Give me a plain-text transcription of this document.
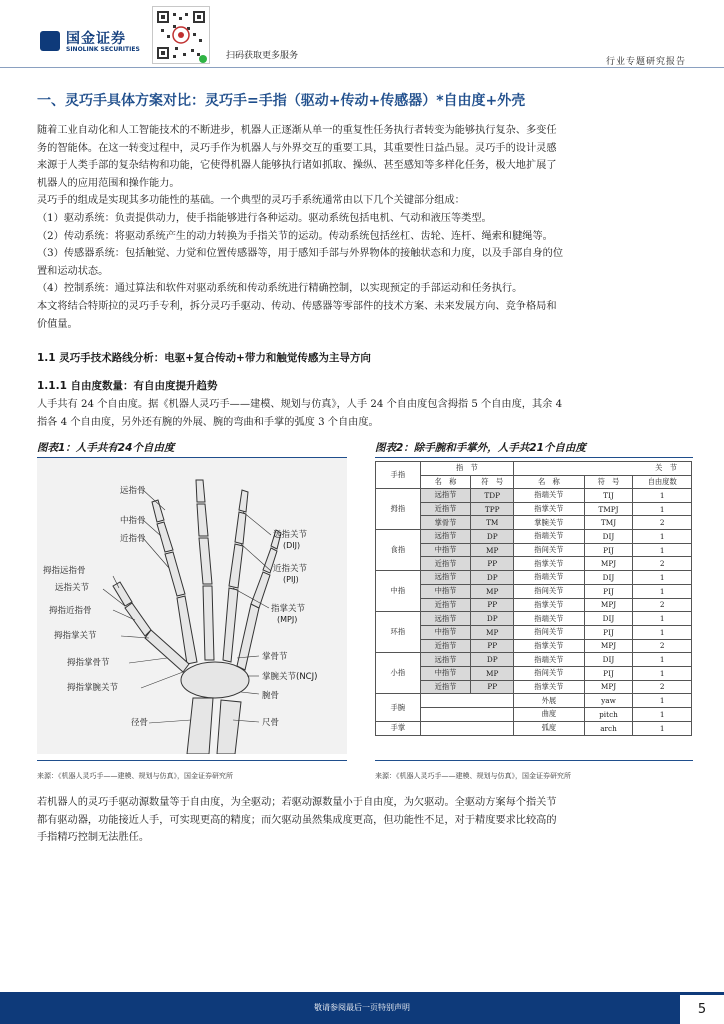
国金证券
SINOLINK SECURITIES
扫码获取更多服务
行业专题研究报告
一、灵巧手具体方案对比：灵巧手=手指（驱动+传动+传感器）*自由度+外壳
随着工业自动化和人工智能技术的不断进步，机器人正逐渐从单一的重复性任务执行者转变为能够执行复杂、多变任
务的智能体。在这一转变过程中，灵巧手作为机器人与外界交互的重要工具，其重要性日益凸显。灵巧手的设计灵感
来源于人类手部的复杂结构和功能，它使得机器人能够执行诸如抓取、操纵、甚至感知等多样化任务，极大地扩展了
机器人的应用范围和操作能力。
灵巧手的组成是实现其多功能性的基础。一个典型的灵巧手系统通常由以下几个关键部分组成：
（1）驱动系统：负责提供动力，使手指能够进行各种运动。驱动系统包括电机、气动和液压等类型。
（2）传动系统：将驱动系统产生的动力转换为手指关节的运动。传动系统包括丝杠、齿轮、连杆、绳索和腱绳等。
（3）传感器系统：包括触觉、力觉和位置传感器等，用于感知手部与外界物体的接触状态和力度，以及手部自身的位
置和运动状态。
（4）控制系统：通过算法和软件对驱动系统和传动系统进行精确控制，以实现预定的手部运动和任务执行。
本文将结合特斯拉的灵巧手专利，拆分灵巧手驱动、传动、传感器等零部件的技术方案、未来发展方向、竞争格局和
价值量。
1.1 灵巧手技术路线分析：电驱+复合传动+带力和触觉传感为主导方向
1.1.1 自由度数量：有自由度提升趋势
人手共有 24 个自由度。据《机器人灵巧手——建模、规划与仿真》，人手 24 个自由度包含拇指 5 个自由度，其余 4
指各 4 个自由度，另外还有腕的外展、腕的弯曲和手掌的弧度 3 个自由度。
图表1：人手共有24个自由度	图表2：除手腕和手掌外，人手共21个自由度
远指骨
中指骨
近指骨
拇指远指骨
远指关节
拇指近指骨
拇指掌关节
拇指掌骨节
拇指掌腕关节
径骨
远指关节
(DIJ)
近指关节
(PIJ)
指掌关节
(MPJ)
掌骨节
掌腕关节(NCJ)
腕骨
尺骨
来源：《机器人灵巧手——建模、规划与仿真》，国金证券研究所
手指	指　节		关　节		
	名　称	符　号	名　称	符　号	自由度数
拇指	远指节	TDP	指端关节	TIJ	1
	近指节	TPP	指掌关节	TMPJ	1
	掌骨节	TM	掌腕关节	TMJ	2
食指	远指节	DP	指端关节	DIJ	1
	中指节	MP	指间关节	PIJ	1
	近指节	PP	指掌关节	MPJ	2
中指	远指节	DP	指端关节	DIJ	1
	中指节	MP	指间关节	PIJ	1
	近指节	PP	指掌关节	MPJ	2
环指	远指节	DP	指端关节	DIJ	1
	中指节	MP	指间关节	PIJ	1
	近指节	PP	指掌关节	MPJ	2
小指	远指节	DP	指端关节	DIJ	1
	中指节	MP	指间关节	PIJ	1
	近指节	PP	指掌关节	MPJ	2
手腕			外展	yaw	1
			曲度	pitch	1
手掌			弧度	arch	1
来源：《机器人灵巧手——建模、规划与仿真》，国金证券研究所
若机器人的灵巧手驱动源数量等于自由度，为全驱动；若驱动源数量小于自由度，为欠驱动。全驱动方案每个指关节
都有驱动器，功能接近人手，可实现更高的精度；而欠驱动虽然集成度更高，但功能性不足，对于精度要求比较高的
手指精巧控制无法胜任。
敬请参阅最后一页特别声明	5
